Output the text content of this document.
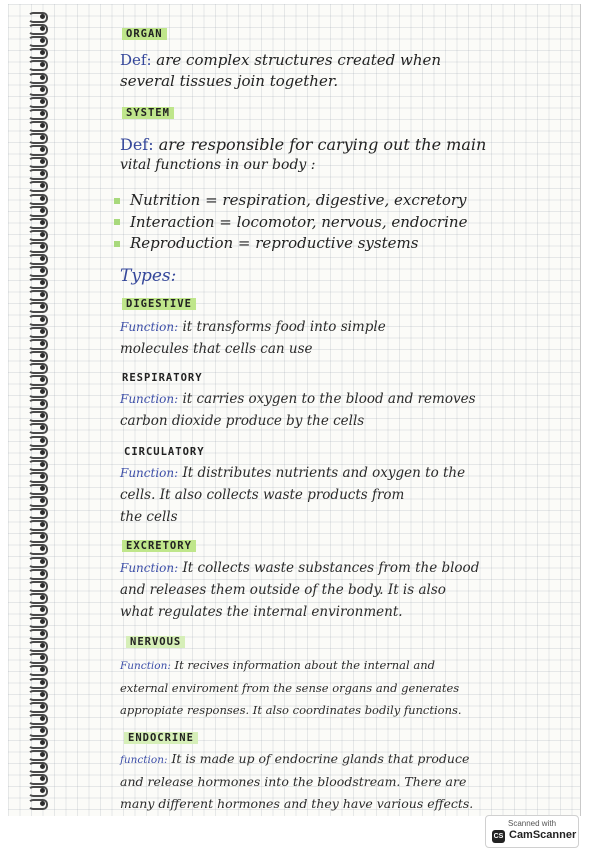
ORGAN
Def: are complex structures created when
several tissues join together.
SYSTEM
Def: are responsible for carying out the main
vital functions in our body :
Nutrition = respiration, digestive, excretory
Interaction = locomotor, nervous, endocrine
Reproduction = reproductive systems
Types:
DIGESTIVE
Function: it transforms food into simple
molecules that cells can use
RESPIRATORY
Function: it carries oxygen to the blood and removes
carbon dioxide produce by the cells
CIRCULATORY
Function: It distributes nutrients and oxygen to the
cells. It also collects waste products from
the cells
EXCRETORY
Function: It collects waste substances from the blood
and releases them outside of the body. It is also
what regulates the internal environment.
NERVOUS
Function: It recives information about the internal and
external enviroment from the sense organs and generates
appropiate responses. It also coordinates bodily functions.
ENDOCRINE
function: It is made up of endocrine glands that produce
and release hormones into the bloodstream. There are
many different hormones and they have various effects.
Scanned with
CS CamScanner
